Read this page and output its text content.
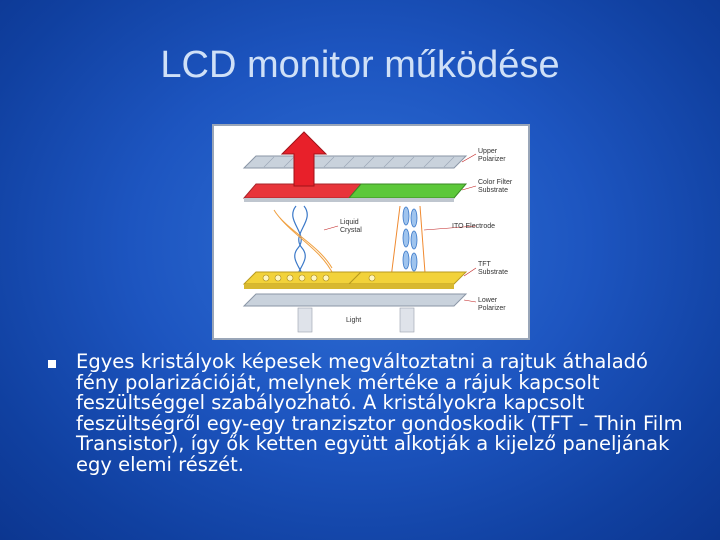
LCD monitor működése
Upper
Polarizer
Color Filter
Substrate
Liquid
Crystal
ITO Electrode
TFT
Substrate
Lower
Polarizer
Light

Egyes kristályok képesek megváltoztatni a rajtuk áthaladó fény polarizációját, melynek mértéke a rájuk kapcsolt feszültséggel szabályozható. A kristályokra kapcsolt feszültségről egy-egy tranzisztor gondoskodik (TFT – Thin Film Transistor), így ők ketten együtt alkotják a kijelző paneljának egy elemi részét.
